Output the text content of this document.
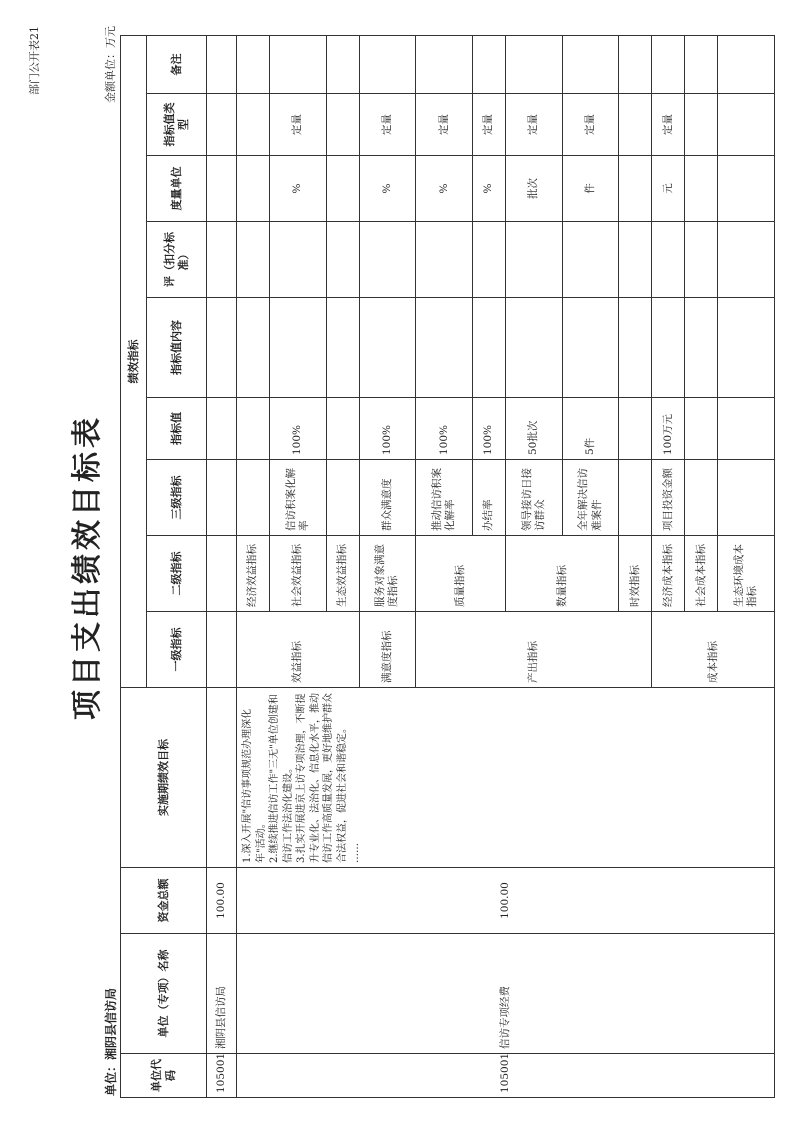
部门公开表21
项目支出绩效目标表
单位：湘阴县信访局
金额单位：万元
单位代码	单位（专项）名称	资金总额	实施期绩效目标	绩效指标								
				一级指标	二级指标	三级指标	指标值	指标值内容	评（扣分标准）	度量单位	指标值类型	备注
105001	湘阴县信访局	100.00										
105001	信访专项经费	100.00	1.深入开展"信访事项规范办理深化年"活动。 2.继续推进信访工作"三无"单位创建和信访工作法治化建设。 3.扎实开展进京上访专项治理，不断提升专业化、法治化、信息化水平，推动信访工作高质量发展，更好地维护群众合法权益，促进社会和谐稳定。 ……	效益指标	经济效益指标							
					社会效益指标	信访积案化解率	100%			%	定量	
					生态效益指标							
				满意度指标	服务对象满意度指标	群众满意度	100%			%	定量	
				产出指标	质量指标	推动信访积案化解率	100%			%	定量	
						办结率	100%			%	定量	
					数量指标	领导接访日接访群众	50批次			批次	定量	
						全年解决信访难案件	5件			件	定量	
					时效指标							
				成本指标	经济成本指标	项目投资金额	100万元			元	定量	
					社会成本指标							
					生态环境成本指标							
